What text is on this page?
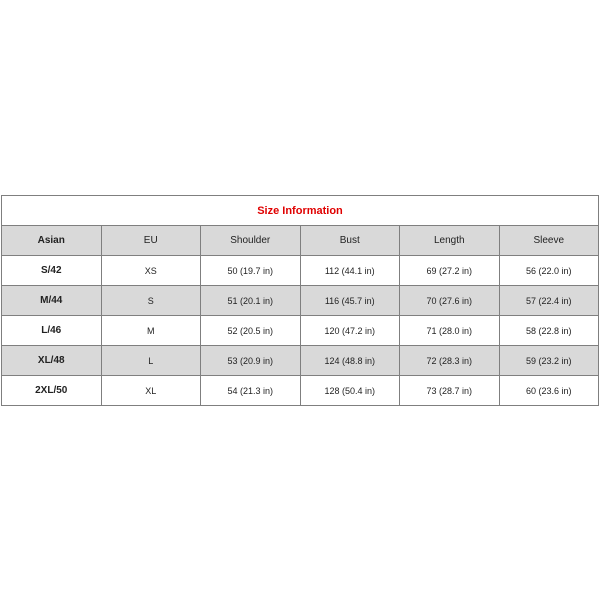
Size Information					
Asian	EU	Shoulder	Bust	Length	Sleeve
S/42	XS	50 (19.7 in)	112 (44.1 in)	69 (27.2 in)	56 (22.0 in)
M/44	S	51 (20.1 in)	116 (45.7 in)	70 (27.6 in)	57 (22.4 in)
L/46	M	52 (20.5 in)	120 (47.2 in)	71 (28.0 in)	58 (22.8 in)
XL/48	L	53 (20.9 in)	124 (48.8 in)	72 (28.3 in)	59 (23.2 in)
2XL/50	XL	54 (21.3 in)	128 (50.4 in)	73 (28.7 in)	60 (23.6 in)
